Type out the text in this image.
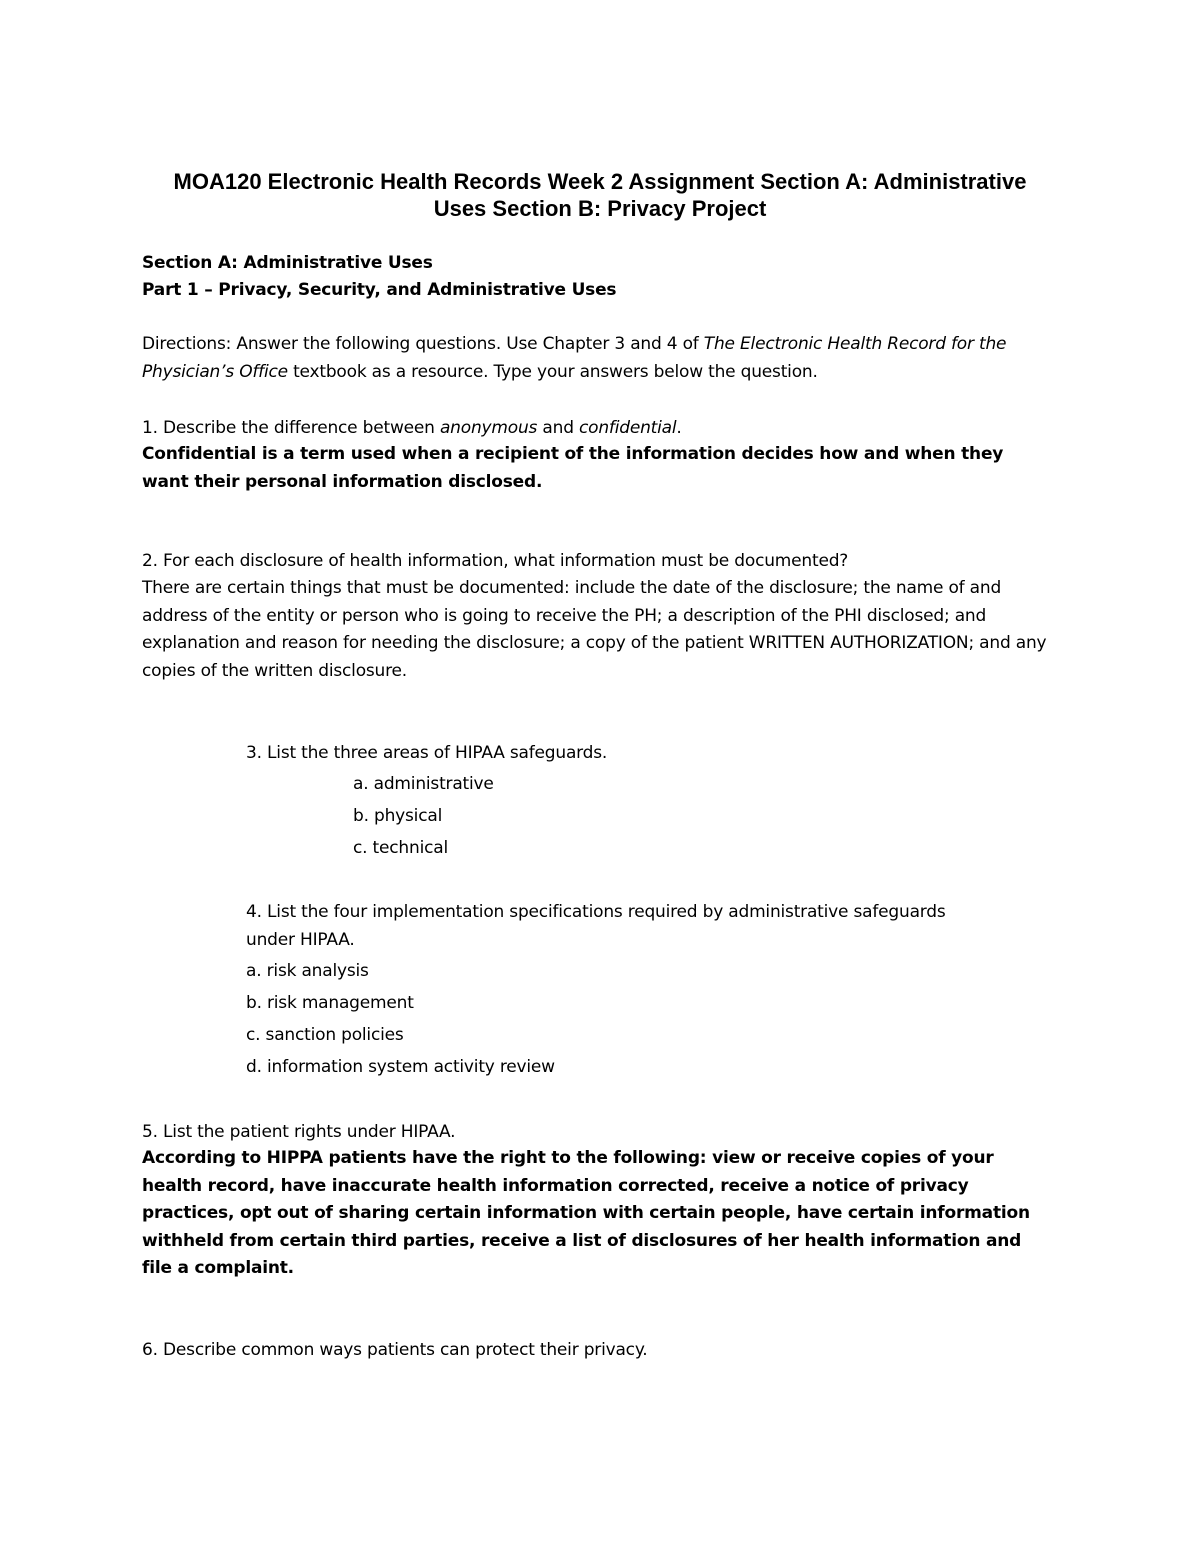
MOA120 Electronic Health Records Week 2 Assignment Section A: Administrative
Uses Section B: Privacy Project
Section A: Administrative Uses
Part 1 – Privacy, Security, and Administrative Uses
Directions: Answer the following questions. Use Chapter 3 and 4 of The Electronic Health Record for the Physician’s Office textbook as a resource. Type your answers below the question.
1. Describe the difference between anonymous and confidential.
Confidential is a term used when a recipient of the information decides how and when they want their personal information disclosed.
2. For each disclosure of health information, what information must be documented?
There are certain things that must be documented: include the date of the disclosure; the name of and address of the entity or person who is going to receive the PH; a description of the PHI disclosed; and explanation and reason for needing the disclosure; a copy of the patient WRITTEN AUTHORIZATION; and any copies of the written disclosure.
3. List the three areas of HIPAA safeguards.
a. administrative
b. physical
c. technical
4. List the four implementation specifications required by administrative safeguards
under HIPAA.
a. risk analysis
b. risk management
c. sanction policies
d. information system activity review
5. List the patient rights under HIPAA.
According to HIPPA patients have the right to the following: view or receive copies of your health record, have inaccurate health information corrected, receive a notice of privacy practices, opt out of sharing certain information with certain people, have certain information withheld from certain third parties, receive a list of disclosures of her health information and file a complaint.
6. Describe common ways patients can protect their privacy.
